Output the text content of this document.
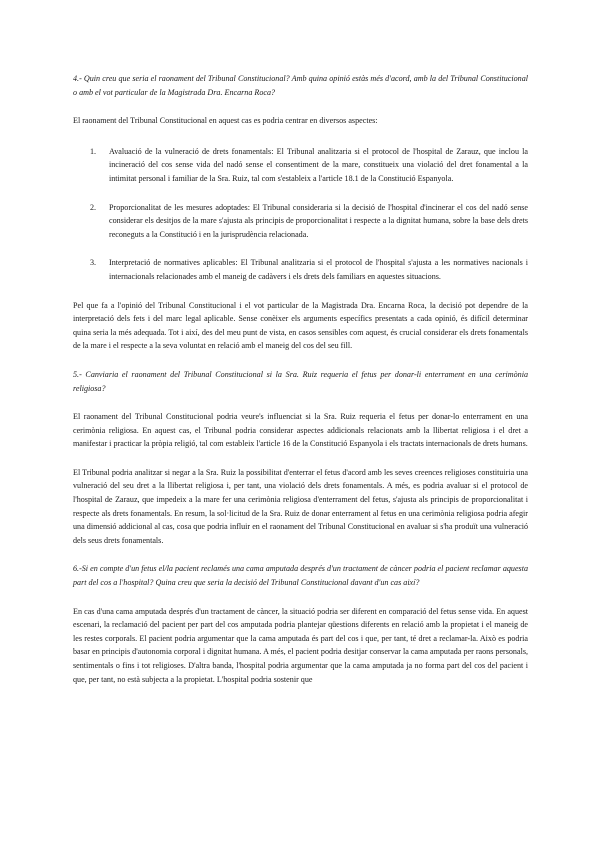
4.- Quin creu que seria el raonament del Tribunal Constitucional? Amb quina opinió estàs més d'acord, amb la del Tribunal Constitucional o amb el vot particular de la Magistrada Dra. Encarna Roca?

El raonament del Tribunal Constitucional en aquest cas es podria centrar en diversos aspectes:

1. Avaluació de la vulneració de drets fonamentals: El Tribunal analitzaria si el protocol de l'hospital de Zarauz, que inclou la incineració del cos sense vida del nadó sense el consentiment de la mare, constitueix una violació del dret fonamental a la intimitat personal i familiar de la Sra. Ruiz, tal com s'estableix a l'article 18.1 de la Constitució Espanyola.
2. Proporcionalitat de les mesures adoptades: El Tribunal consideraria si la decisió de l'hospital d'incinerar el cos del nadó sense considerar els desitjos de la mare s'ajusta als principis de proporcionalitat i respecte a la dignitat humana, sobre la base dels drets reconeguts a la Constitució i en la jurisprudència relacionada.
3. Interpretació de normatives aplicables: El Tribunal analitzaria si el protocol de l'hospital s'ajusta a les normatives nacionals i internacionals relacionades amb el maneig de cadàvers i els drets dels familiars en aquestes situacions.

Pel que fa a l'opinió del Tribunal Constitucional i el vot particular de la Magistrada Dra. Encarna Roca, la decisió pot dependre de la interpretació dels fets i del marc legal aplicable. Sense conèixer els arguments específics presentats a cada opinió, és difícil determinar quina seria la més adequada. Tot i així, des del meu punt de vista, en casos sensibles com aquest, és crucial considerar els drets fonamentals de la mare i el respecte a la seva voluntat en relació amb el maneig del cos del seu fill.

5.- Canviaria el raonament del Tribunal Constitucional si la Sra. Ruiz requeria el fetus per donar-li enterrament en una cerimònia religiosa?

El raonament del Tribunal Constitucional podria veure's influenciat si la Sra. Ruiz requeria el fetus per donar-lo enterrament en una cerimònia religiosa. En aquest cas, el Tribunal podria considerar aspectes addicionals relacionats amb la llibertat religiosa i el dret a manifestar i practicar la pròpia religió, tal com estableix l'article 16 de la Constitució Espanyola i els tractats internacionals de drets humans.

El Tribunal podria analitzar si negar a la Sra. Ruiz la possibilitat d'enterrar el fetus d'acord amb les seves creences religioses constituiria una vulneració del seu dret a la llibertat religiosa i, per tant, una violació dels drets fonamentals. A més, es podria avaluar si el protocol de l'hospital de Zarauz, que impedeix a la mare fer una cerimònia religiosa d'enterrament del fetus, s'ajusta als principis de proporcionalitat i respecte als drets fonamentals. En resum, la sol·licitud de la Sra. Ruiz de donar enterrament al fetus en una cerimònia religiosa podria afegir una dimensió addicional al cas, cosa que podria influir en el raonament del Tribunal Constitucional en avaluar si s'ha produït una vulneració dels seus drets fonamentals.

6.-Si en compte d'un fetus el/la pacient reclamés una cama amputada després d'un tractament de càncer podria el pacient reclamar aquesta part del cos a l'hospital? Quina creu que seria la decisió del Tribunal Constitucional davant d'un cas així?

En cas d'una cama amputada després d'un tractament de càncer, la situació podria ser diferent en comparació del fetus sense vida. En aquest escenari, la reclamació del pacient per part del cos amputada podria plantejar qüestions diferents en relació amb la propietat i el maneig de les restes corporals. El pacient podria argumentar que la cama amputada és part del cos i que, per tant, té dret a reclamar-la. Això es podria basar en principis d'autonomia corporal i dignitat humana. A més, el pacient podria desitjar conservar la cama amputada per raons personals, sentimentals o fins i tot religioses. D'altra banda, l'hospital podria argumentar que la cama amputada ja no forma part del cos del pacient i que, per tant, no està subjecta a la propietat. L'hospital podria sostenir que
